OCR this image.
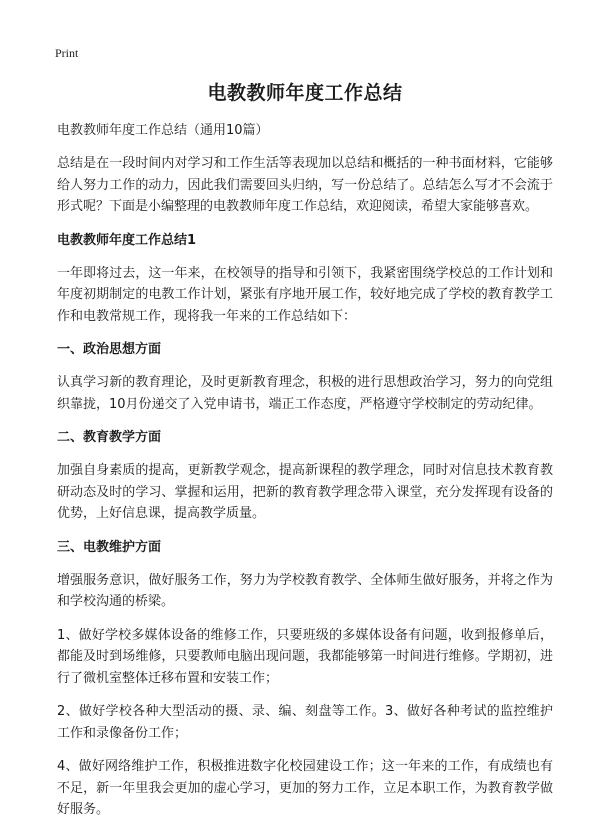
Print
电教教师年度工作总结

电教教师年度工作总结（通用10篇）

总结是在一段时间内对学习和工作生活等表现加以总结和概括的一种书面材料，它能够给人努力工作的动力，因此我们需要回头归纳，写一份总结了。总结怎么写才不会流于形式呢？下面是小编整理的电教教师年度工作总结，欢迎阅读，希望大家能够喜欢。

电教教师年度工作总结1

一年即将过去，这一年来，在校领导的指导和引领下，我紧密围绕学校总的工作计划和年度初期制定的电教工作计划，紧张有序地开展工作，较好地完成了学校的教育教学工作和电教常规工作，现将我一年来的工作总结如下：

一、政治思想方面

认真学习新的教育理论，及时更新教育理念，积极的进行思想政治学习，努力的向党组织靠拢，10月份递交了入党申请书，端正工作态度，严格遵守学校制定的劳动纪律。

二、教育教学方面

加强自身素质的提高，更新教学观念，提高新课程的教学理念，同时对信息技术教育教研动态及时的学习、掌握和运用，把新的教育教学理念带入课堂，充分发挥现有设备的优势，上好信息课，提高教学质量。

三、电教维护方面

增强服务意识，做好服务工作，努力为学校教育教学、全体师生做好服务，并将之作为和学校沟通的桥梁。

1、做好学校多媒体设备的维修工作，只要班级的多媒体设备有问题，收到报修单后，都能及时到场维修，只要教师电脑出现问题，我都能够第一时间进行维修。学期初，进行了微机室整体迁移布置和安装工作；

2、做好学校各种大型活动的摄、录、编、刻盘等工作。3、做好各种考试的监控维护工作和录像备份工作；

4、做好网络维护工作，积极推进数字化校园建设工作；这一年来的工作，有成绩也有不足，新一年里我会更加的虚心学习，更加的努力工作，立足本职工作，为教育教学做好服务。
